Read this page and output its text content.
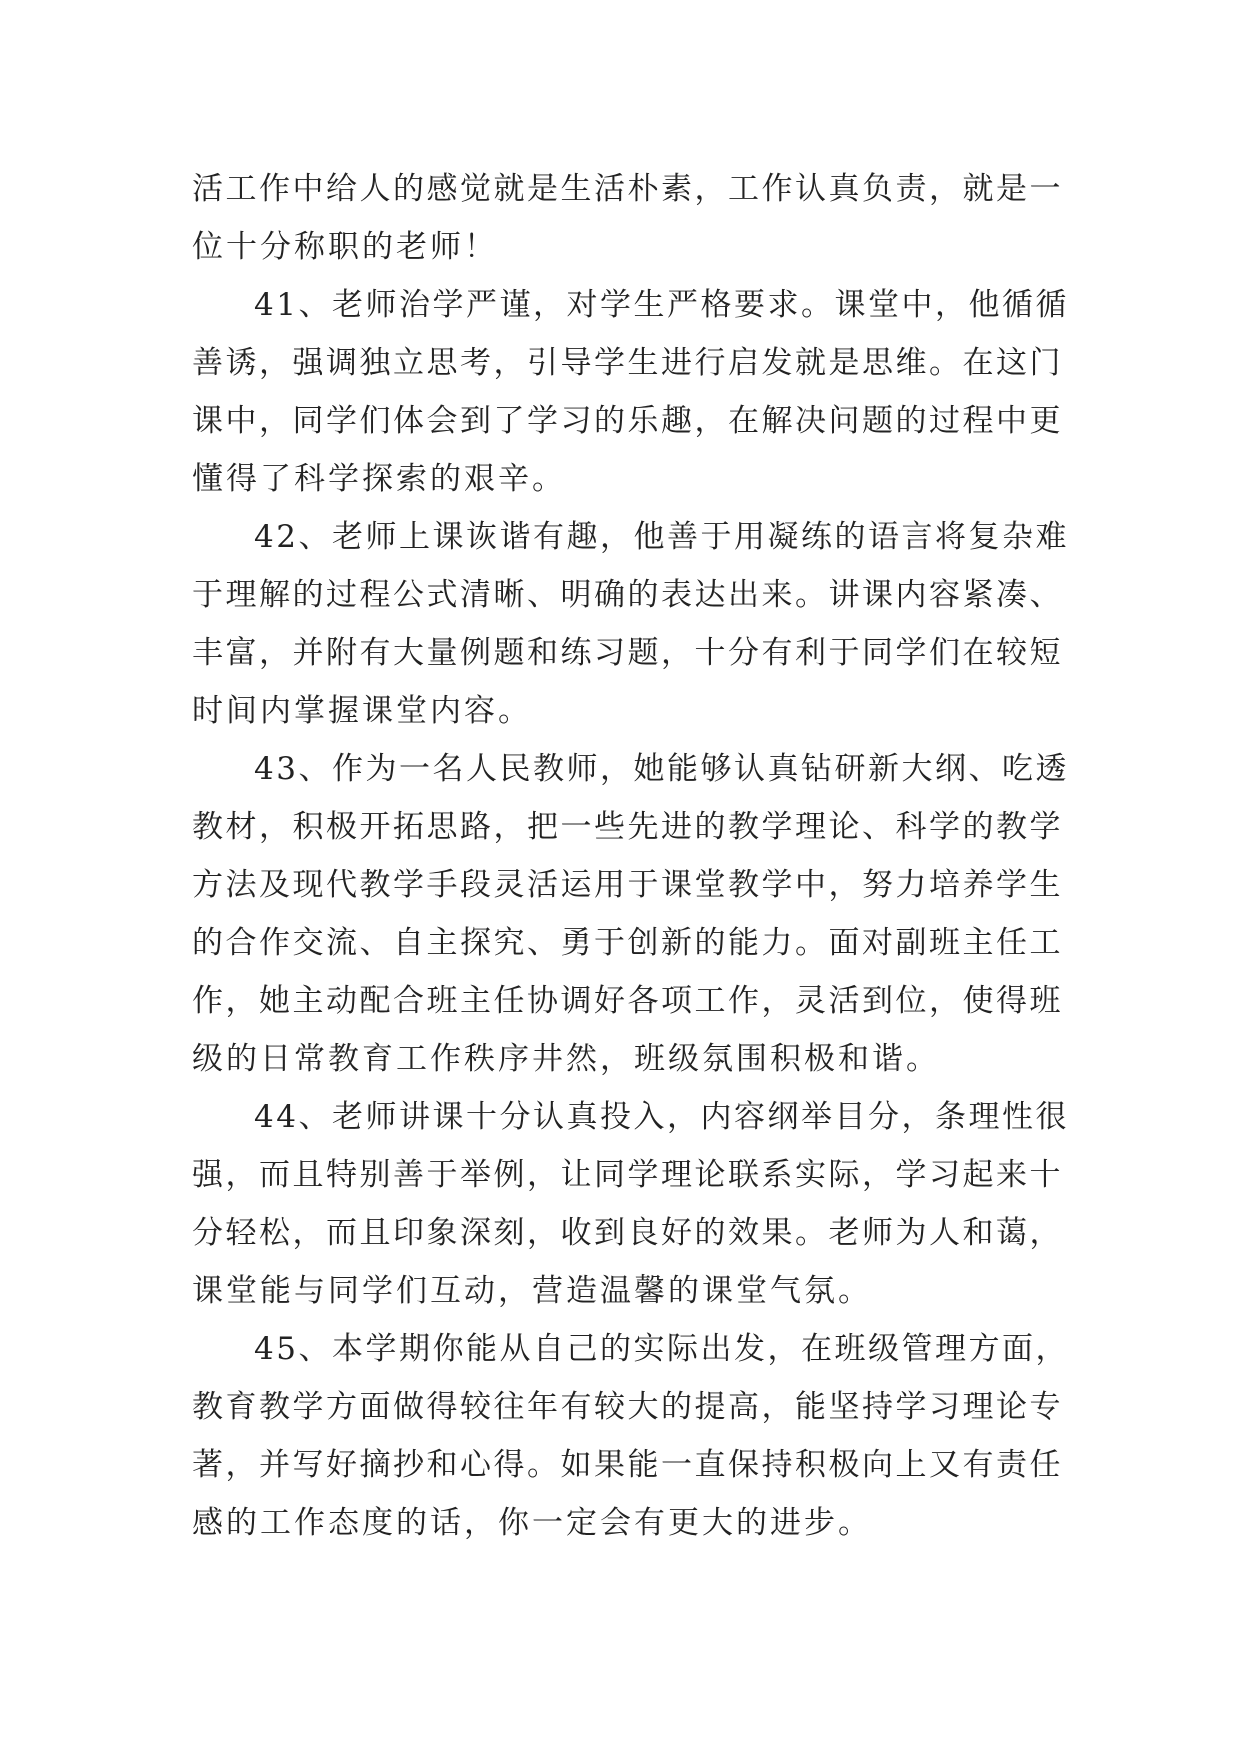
活工作中给人的感觉就是生活朴素，工作认真负责，就是一
位十分称职的老师！
41、老师治学严谨，对学生严格要求。课堂中，他循循
善诱，强调独立思考，引导学生进行启发就是思维。在这门
课中，同学们体会到了学习的乐趣，在解决问题的过程中更
懂得了科学探索的艰辛。
42、老师上课诙谐有趣，他善于用凝练的语言将复杂难
于理解的过程公式清晰、明确的表达出来。讲课内容紧凑、
丰富，并附有大量例题和练习题，十分有利于同学们在较短
时间内掌握课堂内容。
43、作为一名人民教师，她能够认真钻研新大纲、吃透
教材，积极开拓思路，把一些先进的教学理论、科学的教学
方法及现代教学手段灵活运用于课堂教学中，努力培养学生
的合作交流、自主探究、勇于创新的能力。面对副班主任工
作，她主动配合班主任协调好各项工作，灵活到位，使得班
级的日常教育工作秩序井然，班级氛围积极和谐。
44、老师讲课十分认真投入，内容纲举目分，条理性很
强，而且特别善于举例，让同学理论联系实际，学习起来十
分轻松，而且印象深刻，收到良好的效果。老师为人和蔼，
课堂能与同学们互动，营造温馨的课堂气氛。
45、本学期你能从自己的实际出发，在班级管理方面，
教育教学方面做得较往年有较大的提高，能坚持学习理论专
著，并写好摘抄和心得。如果能一直保持积极向上又有责任
感的工作态度的话，你一定会有更大的进步。
